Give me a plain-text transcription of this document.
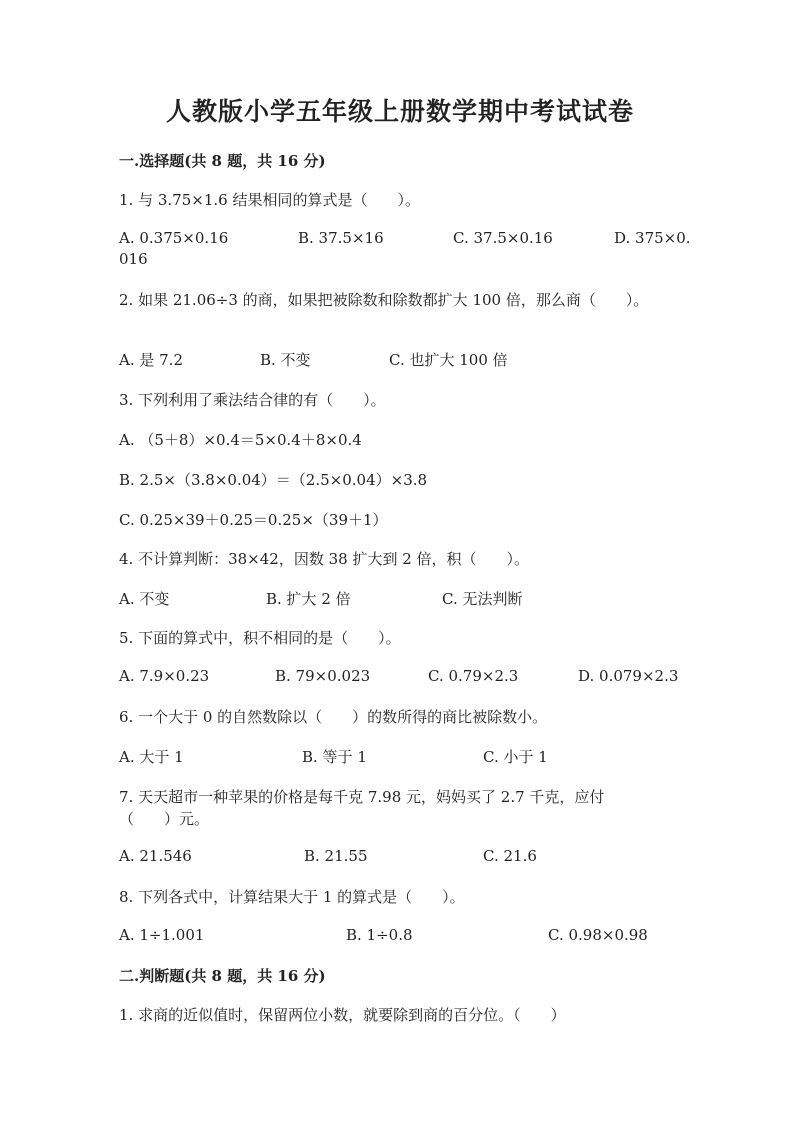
人教版小学五年级上册数学期中考试试卷
一.选择题(共 8 题，共 16 分)
1. 与 3.75×1.6 结果相同的算式是（　　）。
A. 0.375×0.16	B. 37.5×16	C. 37.5×0.16	D. 375×0.
016
2. 如果 21.06÷3 的商，如果把被除数和除数都扩大 100 倍，那么商（　　）。
A. 是 7.2	B. 不变	C. 也扩大 100 倍
3. 下列利用了乘法结合律的有（　　）。
A. （5＋8）×0.4＝5×0.4＋8×0.4
B. 2.5×（3.8×0.04）＝（2.5×0.04）×3.8
C. 0.25×39＋0.25＝0.25×（39＋1）
4. 不计算判断：38×42，因数 38 扩大到 2 倍，积（　　）。
A. 不变	B. 扩大 2 倍	C. 无法判断
5. 下面的算式中，积不相同的是（　　）。
A. 7.9×0.23	B. 79×0.023	C. 0.79×2.3	D. 0.079×2.3
6. 一个大于 0 的自然数除以（　　）的数所得的商比被除数小。
A. 大于 1	B. 等于 1	C. 小于 1
7. 天天超市一种苹果的价格是每千克 7.98 元，妈妈买了 2.7 千克，应付
（　　）元。
A. 21.546	B. 21.55	C. 21.6
8. 下列各式中，计算结果大于 1 的算式是（　　）。
A. 1÷1.001	B. 1÷0.8	C. 0.98×0.98
二.判断题(共 8 题，共 16 分)
1. 求商的近似值时，保留两位小数，就要除到商的百分位。（　　）
